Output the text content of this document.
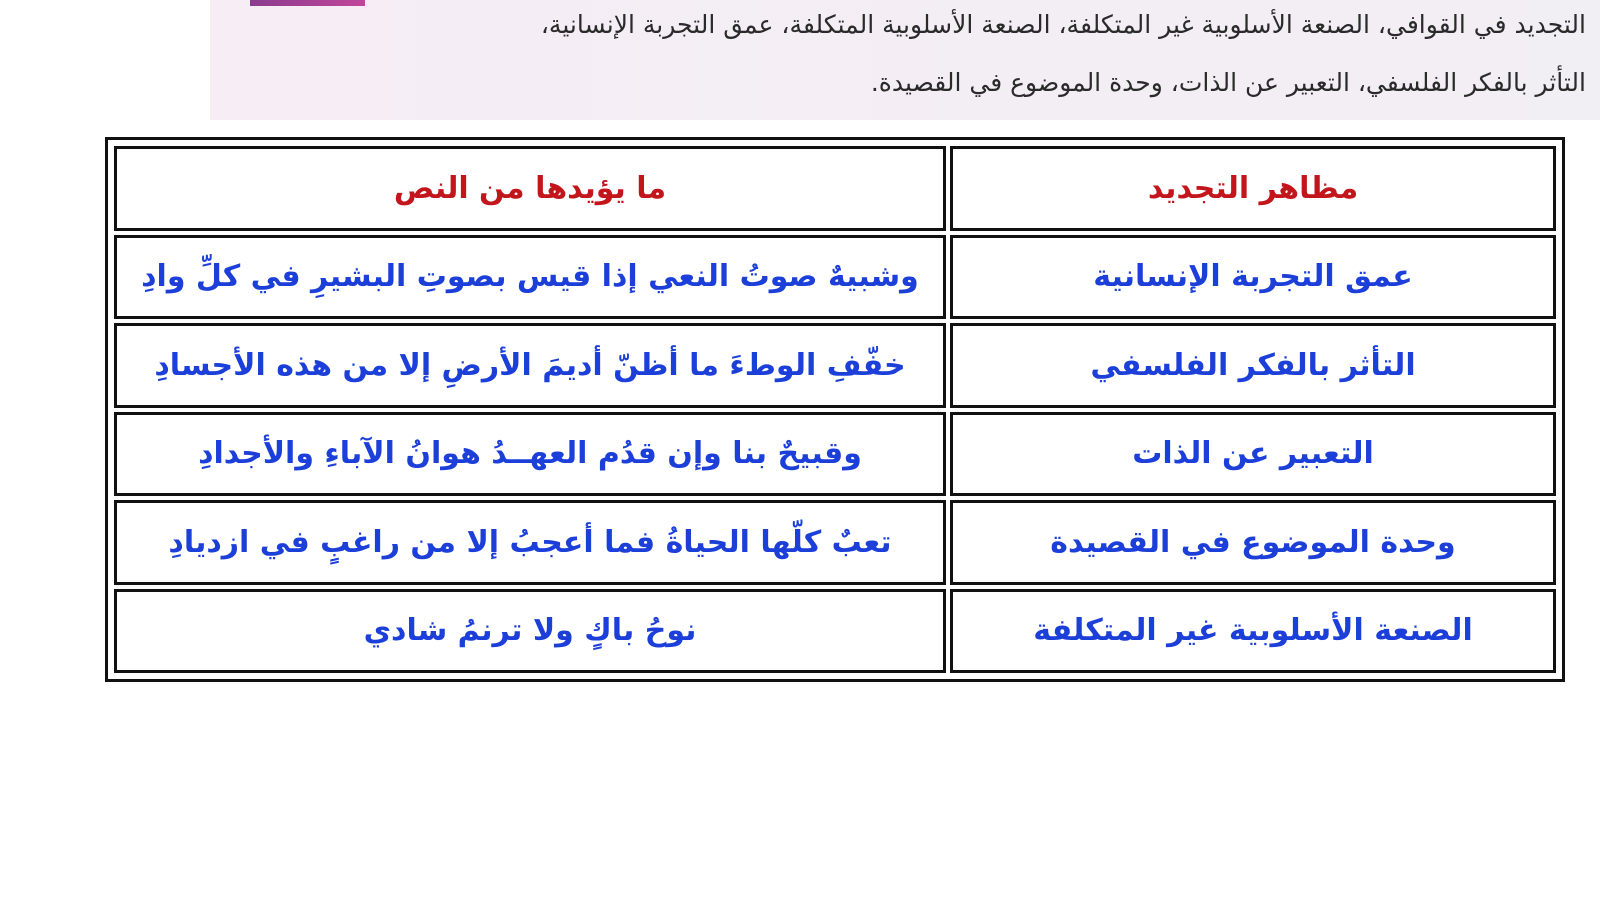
التجديد في القوافي، الصنعة الأسلوبية غير المتكلفة، الصنعة الأسلوبية المتكلفة، عمق التجربة الإنسانية،
التأثر بالفكر الفلسفي، التعبير عن الذات، وحدة الموضوع في القصيدة.
مظاهر التجديد	ما يؤيدها من النص
عمق التجربة الإنسانية	وشبيهٌ صوتُ النعي إذا قيس بصوتِ البشيرِ في كلِّ وادِ
التأثر بالفكر الفلسفي	خفّفِ الوطءَ ما أظنّ أديمَ الأرضِ إلا من هذه الأجسادِ
التعبير عن الذات	وقبيحٌ بنا وإن قدُم العهــدُ هوانُ الآباءِ والأجدادِ
وحدة الموضوع في القصيدة	تعبٌ كلّها الحياةُ فما أعجبُ إلا من راغبٍ في ازديادِ
الصنعة الأسلوبية غير المتكلفة	نوحُ باكٍ ولا ترنمُ شادي
